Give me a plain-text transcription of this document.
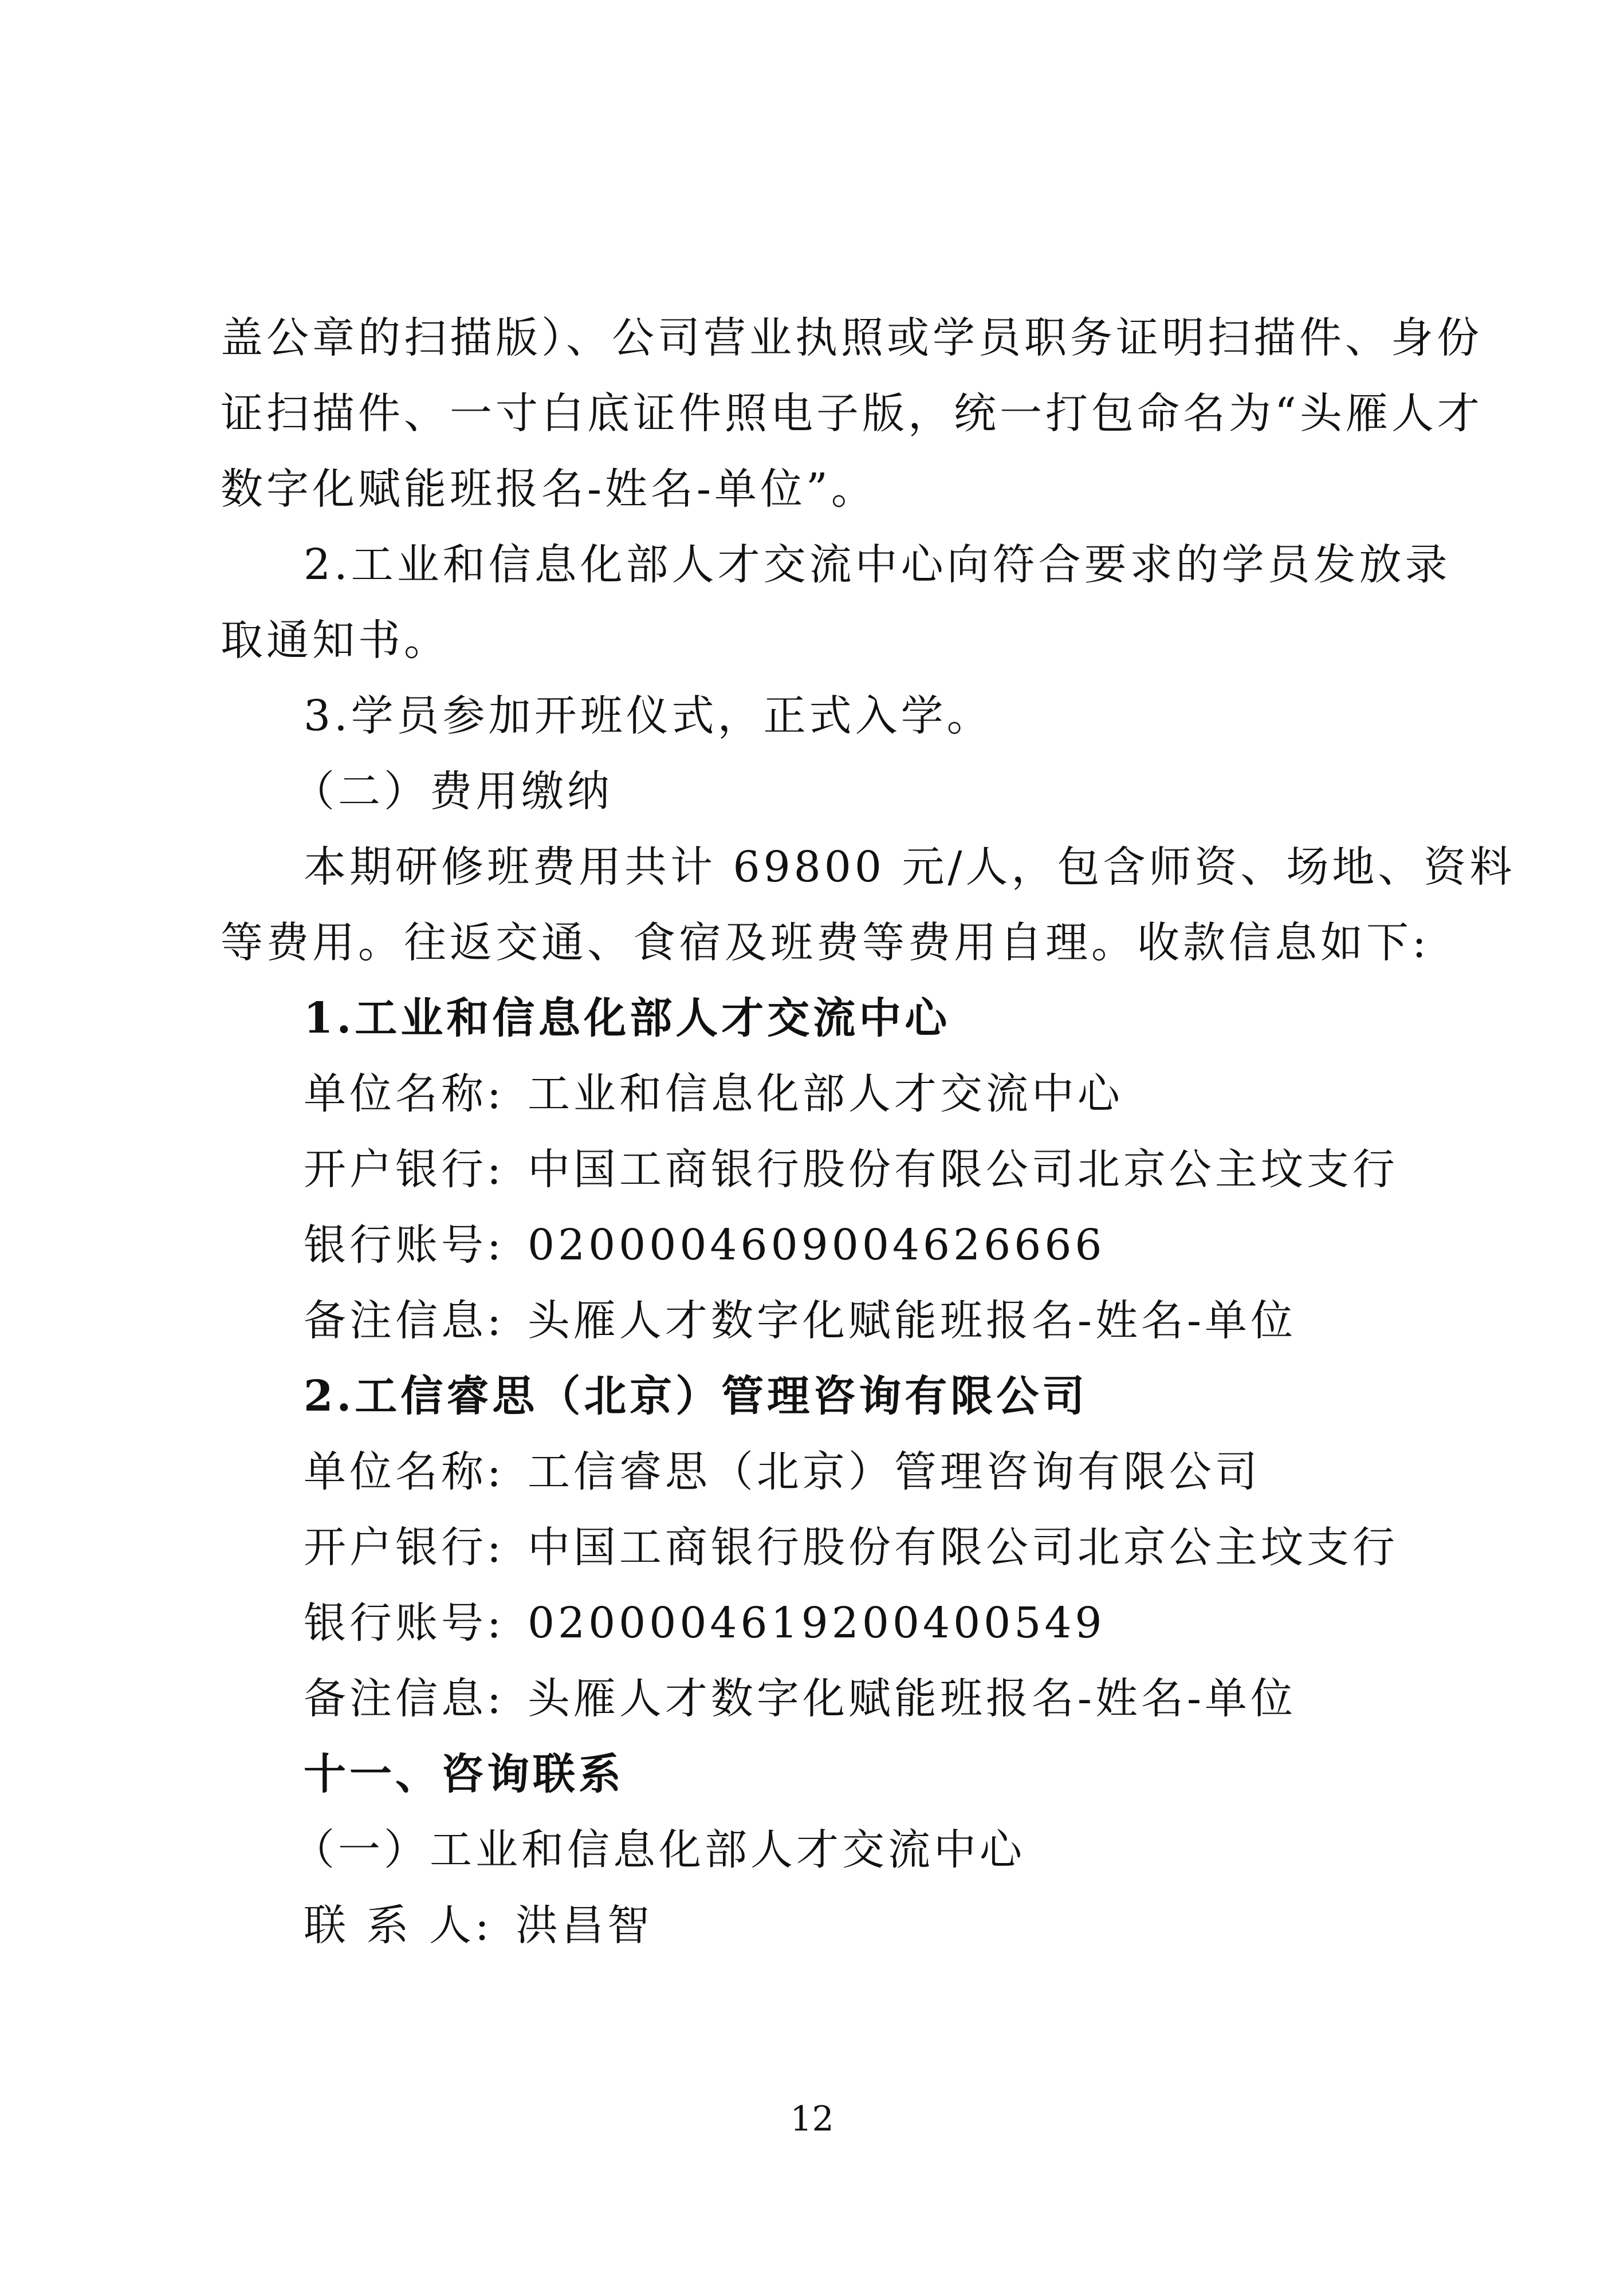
盖公章的扫描版）、公司营业执照或学员职务证明扫描件、身份
证扫描件、一寸白底证件照电子版，统一打包命名为“头雁人才
数字化赋能班报名-姓名-单位”。
2.工业和信息化部人才交流中心向符合要求的学员发放录
取通知书。
3.学员参加开班仪式，正式入学。
（二）费用缴纳
本期研修班费用共计 69800 元/人，包含师资、场地、资料
等费用。往返交通、食宿及班费等费用自理。收款信息如下:
1.工业和信息化部人才交流中心
单位名称: 工业和信息化部人才交流中心
开户银行: 中国工商银行股份有限公司北京公主坟支行
银行账号: 0200004609004626666
备注信息: 头雁人才数字化赋能班报名-姓名-单位
2.工信睿思（北京）管理咨询有限公司
单位名称: 工信睿思（北京）管理咨询有限公司
开户银行: 中国工商银行股份有限公司北京公主坟支行
银行账号: 0200004619200400549
备注信息: 头雁人才数字化赋能班报名-姓名-单位
十一、咨询联系
（一）工业和信息化部人才交流中心
联 系 人: 洪昌智
12
